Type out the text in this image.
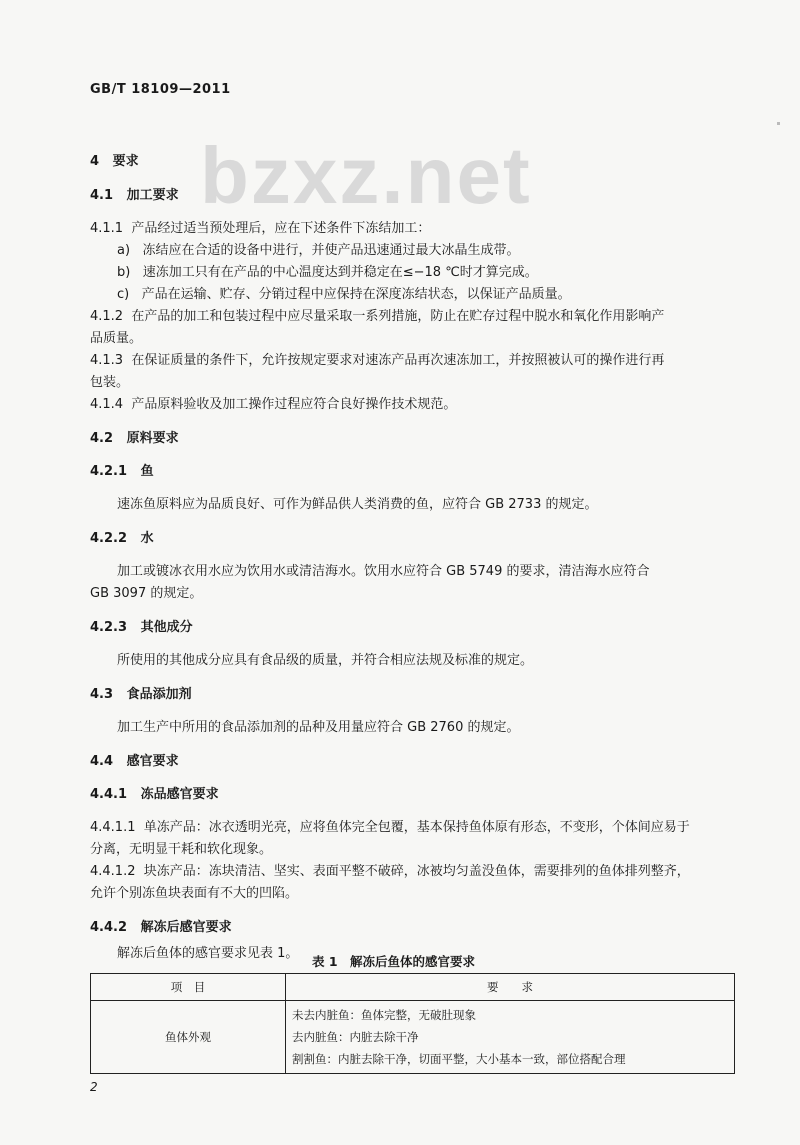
GB/T 18109—2011
bzxz.net
4 要求
4.1 加工要求
4.1.1 产品经过适当预处理后，应在下述条件下冻结加工：
a) 冻结应在合适的设备中进行，并使产品迅速通过最大冰晶生成带。
b) 速冻加工只有在产品的中心温度达到并稳定在≤−18 ℃时才算完成。
c) 产品在运输、贮存、分销过程中应保持在深度冻结状态，以保证产品质量。
4.1.2 在产品的加工和包装过程中应尽量采取一系列措施，防止在贮存过程中脱水和氧化作用影响产
品质量。
4.1.3 在保证质量的条件下，允许按规定要求对速冻产品再次速冻加工，并按照被认可的操作进行再
包装。
4.1.4 产品原料验收及加工操作过程应符合良好操作技术规范。
4.2 原料要求
4.2.1 鱼
速冻鱼原料应为品质良好、可作为鲜品供人类消费的鱼，应符合 GB 2733 的规定。
4.2.2 水
加工或镀冰衣用水应为饮用水或清洁海水。饮用水应符合 GB 5749 的要求，清洁海水应符合
GB 3097 的规定。
4.2.3 其他成分
所使用的其他成分应具有食品级的质量，并符合相应法规及标准的规定。
4.3 食品添加剂
加工生产中所用的食品添加剂的品种及用量应符合 GB 2760 的规定。
4.4 感官要求
4.4.1 冻品感官要求
4.4.1.1 单冻产品：冰衣透明光亮，应将鱼体完全包覆，基本保持鱼体原有形态，不变形，个体间应易于
分离，无明显干耗和软化现象。
4.4.1.2 块冻产品：冻块清洁、坚实、表面平整不破碎，冰被均匀盖没鱼体，需要排列的鱼体排列整齐，
允许个别冻鱼块表面有不大的凹陷。
4.4.2 解冻后感官要求
解冻后鱼体的感官要求见表 1。
表 1　解冻后鱼体的感官要求
项　目	要　　求
鱼体外观	未去内脏鱼：鱼体完整，无破肚现象
去内脏鱼：内脏去除干净
割割鱼：内脏去除干净，切面平整，大小基本一致，部位搭配合理
2
